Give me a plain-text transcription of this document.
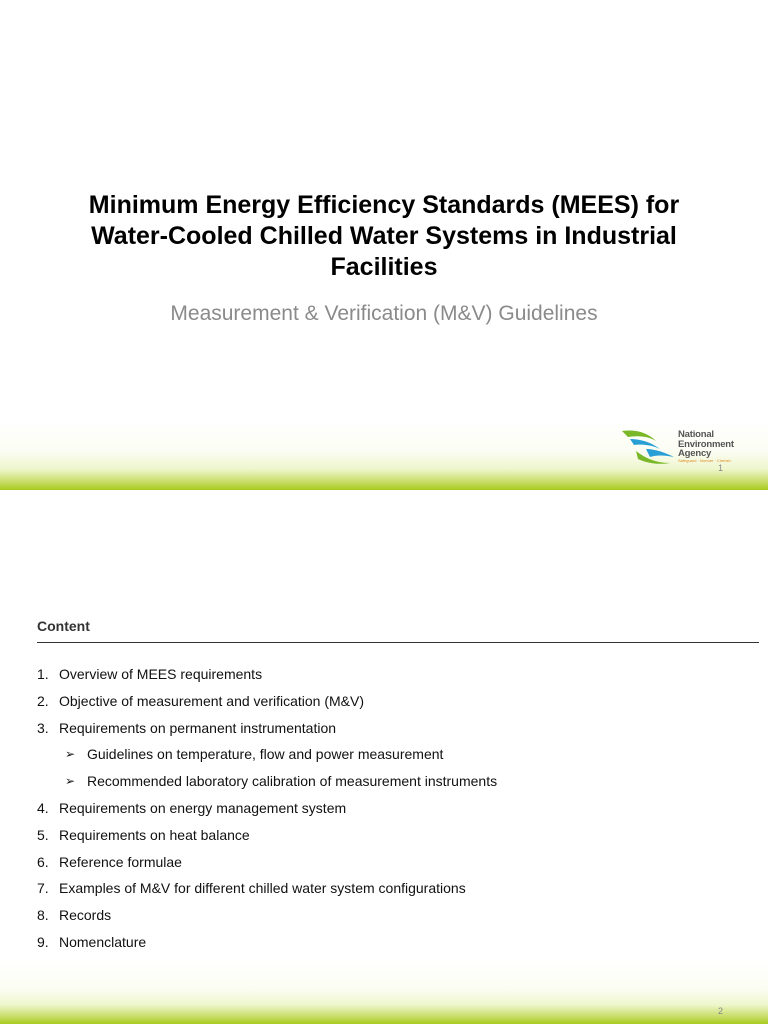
Minimum Energy Efficiency Standards (MEES) for
Water-Cooled Chilled Water Systems in Industrial
Facilities
Measurement & Verification (M&V) Guidelines
National
Environment
Agency
Safeguard · Nurture · Cherish
1
Content
1. Overview of MEES requirements
2. Objective of measurement and verification (M&V)
3. Requirements on permanent instrumentation
➢ Guidelines on temperature, flow and power measurement
➢ Recommended laboratory calibration of measurement instruments
4. Requirements on energy management system
5. Requirements on heat balance
6. Reference formulae
7. Examples of M&V for different chilled water system configurations
8. Records
9. Nomenclature
2
